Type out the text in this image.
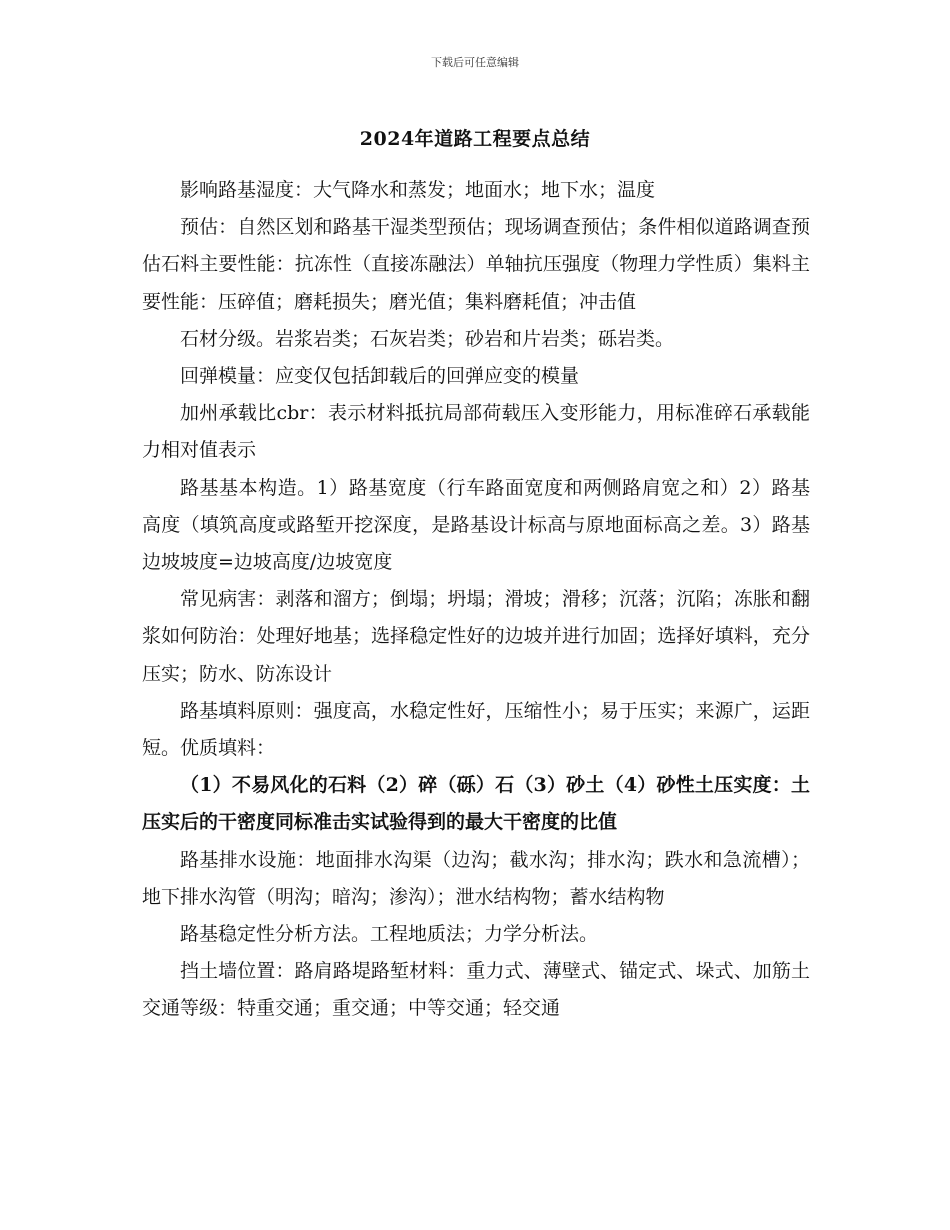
下载后可任意编辑
2024年道路工程要点总结

影响路基湿度：大气降水和蒸发；地面水；地下水；温度

预估：自然区划和路基干湿类型预估；现场调查预估；条件相似道路调查预估石料主要性能：抗冻性（直接冻融法）单轴抗压强度（物理力学性质）集料主要性能：压碎值；磨耗损失；磨光值；集料磨耗值；冲击值

石材分级。岩浆岩类；石灰岩类；砂岩和片岩类；砾岩类。

回弹模量：应变仅包括卸载后的回弹应变的模量

加州承载比cbr：表示材料抵抗局部荷载压入变形能力，用标准碎石承载能力相对值表示

路基基本构造。1）路基宽度（行车路面宽度和两侧路肩宽之和）2）路基高度（填筑高度或路堑开挖深度，是路基设计标高与原地面标高之差。3）路基边坡坡度=边坡高度/边坡宽度

常见病害：剥落和溜方；倒塌；坍塌；滑坡；滑移；沉落；沉陷；冻胀和翻浆如何防治：处理好地基；选择稳定性好的边坡并进行加固；选择好填料，充分压实；防水、防冻设计

路基填料原则：强度高，水稳定性好，压缩性小；易于压实；来源广，运距短。优质填料：

（1）不易风化的石料（2）碎（砾）石（3）砂土（4）砂性土压实度：土压实后的干密度同标准击实试验得到的最大干密度的比值

路基排水设施：地面排水沟渠（边沟；截水沟；排水沟；跌水和急流槽）；地下排水沟管（明沟；暗沟；渗沟）；泄水结构物；蓄水结构物

路基稳定性分析方法。工程地质法；力学分析法。

挡土墙位置：路肩路堤路堑材料：重力式、薄壁式、锚定式、垛式、加筋土交通等级：特重交通；重交通；中等交通；轻交通
